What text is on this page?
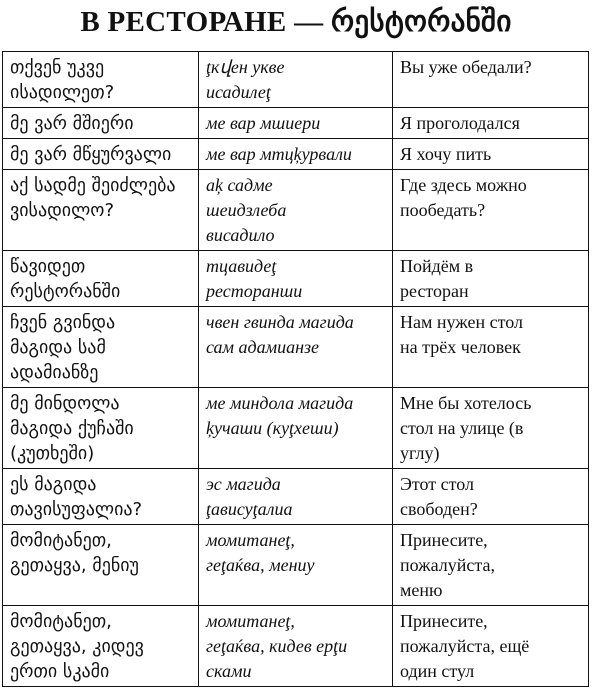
В РЕСТОРАНЕ — რესტორანში
თქვენ უკვე
ისადილეთ?	ţкվен укве
исадилеţ	Вы уже обедали?

მე ვარ მშიერი	ме вар мшиери	Я проголодался

მე ვარ მწყურვალი	ме вар мтцķурвали	Я хочу пить

აქ სადმე შეიძლება
ვისადილო?	аķ садме
шеидзлеба
висадило	Где здесь можно
пообедать?

წავიდეთ
რესტორანში	тцавидеţ
ресторанши	Пойдём в
ресторан

ჩვენ გვინდა
მაგიდა სამ
ადამიანზე	чвен гвинда магида
сам адамианзе	Нам нужен стол
на трёх человек

მე მინდოლა
მაგიდა ქუჩაში
(კუთხეში)	ме миндола магида
ķучаши (куţхеши)	Мне бы хотелось
стол на улице (в
углу)

ეს მაგიდა
თავისუფალია?	эс магида
ţависуţалиа	Этот стол
свободен?

მომიტანეთ,
გეთაყვა, მენიუ	момитанеţ,
геţаќва, мениу	Принесите,
пожалуйста,
меню

მომიტანეთ,
გეთაყვა, კიდევ
ერთი სკამი	момитанеţ,
геţаќва, кидев ерţи
сками	Принесите,
пожалуйста, ещё
один стул
